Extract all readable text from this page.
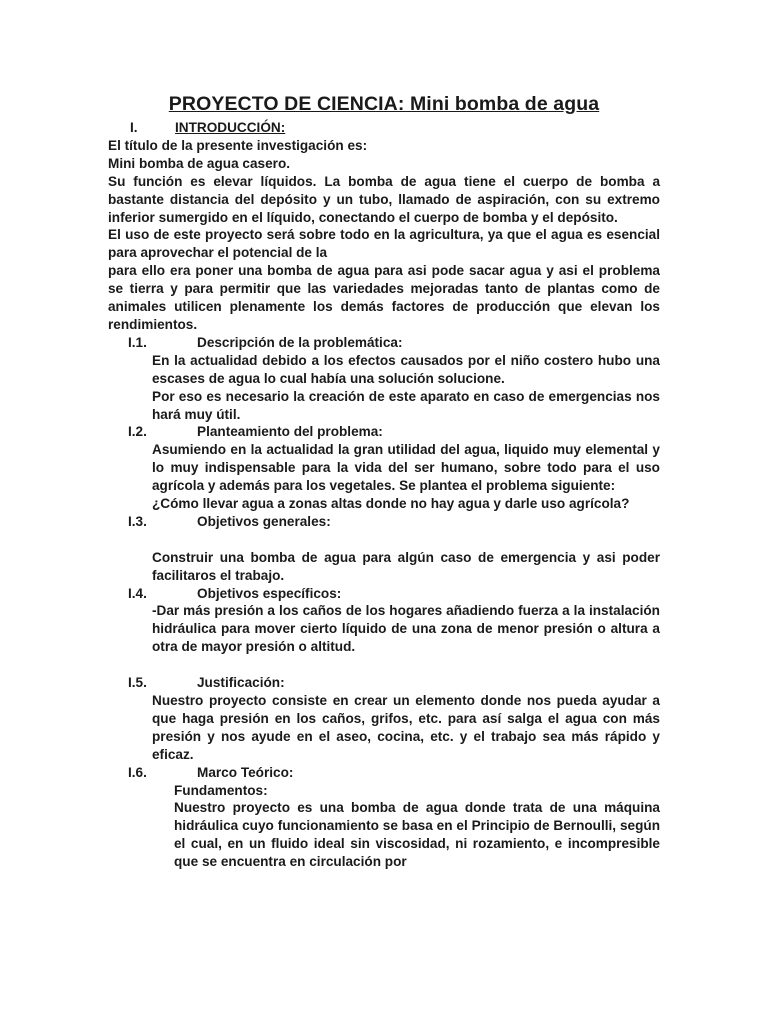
PROYECTO DE CIENCIA: Mini bomba de agua
I.	INTRODUCCIÓN:

El título de la presente investigación es:

Mini bomba de agua casero.

Su función es elevar líquidos. La bomba de agua tiene el cuerpo de bomba a bastante distancia del depósito y un tubo, llamado de aspiración, con su extremo inferior sumergido en el líquido, conectando el cuerpo de bomba y el depósito.

El uso de este proyecto será sobre todo en la agricultura, ya que el agua es esencial para aprovechar el potencial de la

para ello era poner una bomba de agua para asi pode sacar agua y asi el problema se tierra y para permitir que las variedades mejoradas tanto de plantas como de animales utilicen plenamente los demás factores de producción que elevan los rendimientos.

I.1.	Descripción de la problemática:

En la actualidad debido a los efectos causados por el niño costero hubo una escases de agua lo cual había una solución solucione.

Por eso es necesario la creación de este aparato en caso de emergencias nos hará muy útil.

I.2.	Planteamiento del problema:

Asumiendo en la actualidad la gran utilidad del agua, liquido muy elemental y lo muy indispensable para la vida del ser humano, sobre todo para el uso agrícola y además para los vegetales. Se plantea el problema siguiente:

¿Cómo llevar agua a zonas altas donde no hay agua y darle uso agrícola?

I.3.	Objetivos generales:

Construir una bomba de agua para algún caso de emergencia y asi poder facilitaros el trabajo.

I.4.	Objetivos específicos:

-Dar más presión a los caños de los hogares añadiendo fuerza a la instalación hidráulica para mover cierto líquido de una zona de menor presión o altura a otra de mayor presión o altitud.

I.5.	Justificación:

Nuestro proyecto consiste en crear un elemento donde nos pueda ayudar a que haga presión en los caños, grifos, etc. para así salga el agua con más presión y nos ayude en el aseo, cocina, etc. y el trabajo sea más rápido y eficaz.

I.6.	Marco Teórico:

Fundamentos:

Nuestro proyecto es una bomba de agua donde trata de una máquina hidráulica cuyo funcionamiento se basa en el Principio de Bernoulli, según el cual, en un fluido ideal sin viscosidad, ni rozamiento, e incompresible que se encuentra en circulación por
